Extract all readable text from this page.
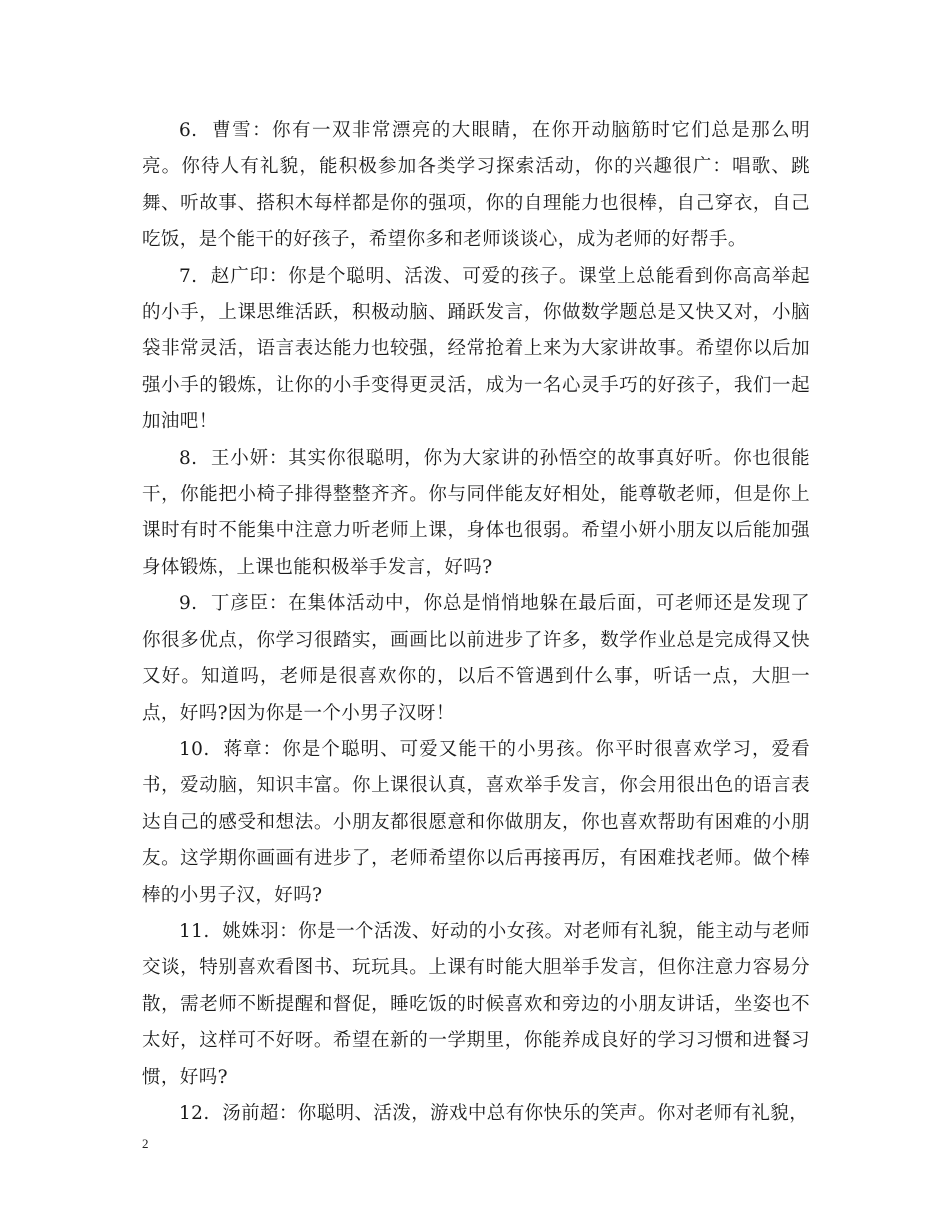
6. 曹雪：你有一双非常漂亮的大眼睛，在你开动脑筋时它们总是那么明亮。你待人有礼貌，能积极参加各类学习探索活动，你的兴趣很广：唱歌、跳舞、听故事、搭积木每样都是你的强项，你的自理能力也很棒，自己穿衣，自己吃饭，是个能干的好孩子，希望你多和老师谈谈心，成为老师的好帮手。

7. 赵广印：你是个聪明、活泼、可爱的孩子。课堂上总能看到你高高举起的小手，上课思维活跃，积极动脑、踊跃发言，你做数学题总是又快又对，小脑袋非常灵活，语言表达能力也较强，经常抢着上来为大家讲故事。希望你以后加强小手的锻炼，让你的小手变得更灵活，成为一名心灵手巧的好孩子，我们一起加油吧！

8. 王小妍：其实你很聪明，你为大家讲的孙悟空的故事真好听。你也很能干，你能把小椅子排得整整齐齐。你与同伴能友好相处，能尊敬老师，但是你上课时有时不能集中注意力听老师上课，身体也很弱。希望小妍小朋友以后能加强身体锻炼，上课也能积极举手发言，好吗?

9. 丁彦臣：在集体活动中，你总是悄悄地躲在最后面，可老师还是发现了你很多优点，你学习很踏实，画画比以前进步了许多，数学作业总是完成得又快又好。知道吗，老师是很喜欢你的，以后不管遇到什么事，听话一点，大胆一点，好吗?因为你是一个小男子汉呀！

10. 蒋章：你是个聪明、可爱又能干的小男孩。你平时很喜欢学习，爱看书，爱动脑，知识丰富。你上课很认真，喜欢举手发言，你会用很出色的语言表达自己的感受和想法。小朋友都很愿意和你做朋友，你也喜欢帮助有困难的小朋友。这学期你画画有进步了，老师希望你以后再接再厉，有困难找老师。做个棒棒的小男子汉，好吗?

11. 姚姝羽：你是一个活泼、好动的小女孩。对老师有礼貌，能主动与老师交谈，特别喜欢看图书、玩玩具。上课有时能大胆举手发言，但你注意力容易分散，需老师不断提醒和督促，睡吃饭的时候喜欢和旁边的小朋友讲话，坐姿也不太好，这样可不好呀。希望在新的一学期里，你能养成良好的学习习惯和进餐习惯，好吗?

12. 汤前超：你聪明、活泼，游戏中总有你快乐的笑声。你对老师有礼貌，

2
